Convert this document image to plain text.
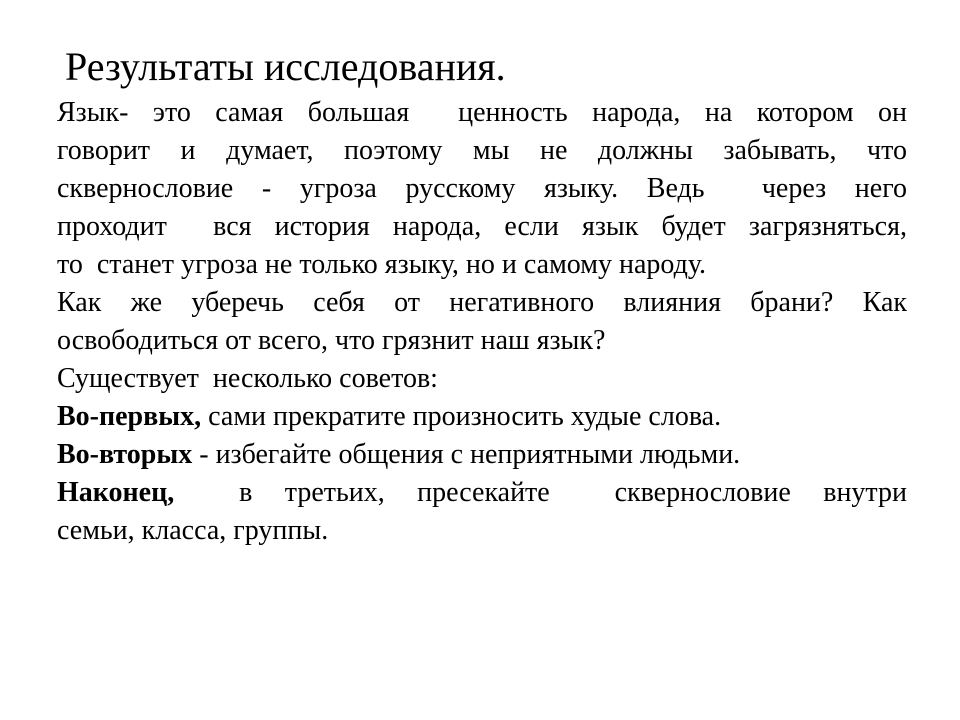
Результаты исследования.
Язык- это самая большая  ценность народа, на котором он
говорит и думает, поэтому мы не должны забывать, что
сквернословие - угроза русскому языку. Ведь  через него
проходит  вся история народа, если язык будет загрязняться,
то  станет угроза не только языку, но и самому народу.
Как же уберечь себя от негативного влияния брани? Как
освободиться от всего, что грязнит наш язык?
Существует  несколько советов:
Во-первых, сами прекратите произносить худые слова.
Во-вторых - избегайте общения с неприятными людьми.
Наконец,  в третьих, пресекайте  сквернословие внутри
семьи, класса, группы.
